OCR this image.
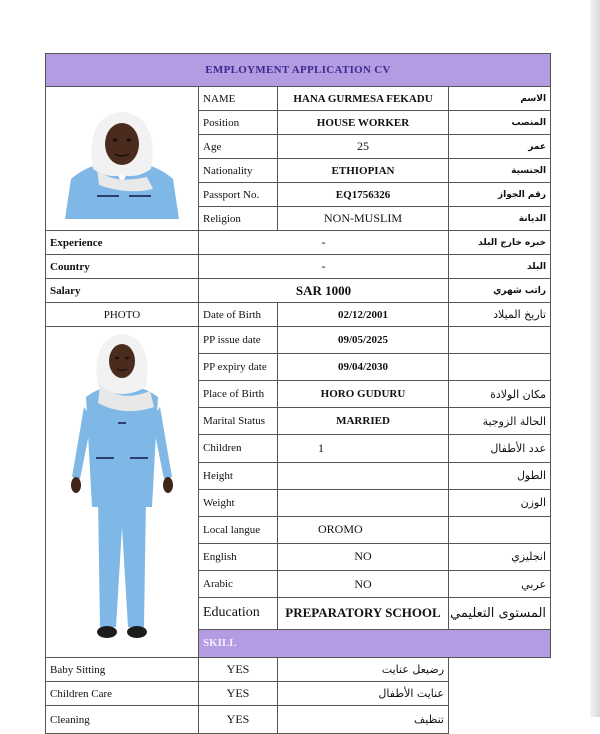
EMPLOYMENT APPLICATION CV			

	NAME	HANA GURMESA FEKADU	الاسم
	Position	HOUSE WORKER	المنصب
	Age	25	عمر
	Nationality	ETHIOPIAN	الجنسية
	Passport No.	EQ1756326	رقم الجواز
	Religion	NON-MUSLIM	الديانة
Experience	-		خبره خارج البلد
Country	-		البلد
Salary	SAR 1000		راتب شهري
PHOTO	Date of Birth	02/12/2001	تاريخ الميلاد

	PP issue date	09/05/2025	
	PP expiry date	09/04/2030	
	Place of Birth	HORO GUDURU	مكان الولادة
	Marital Status	MARRIED	الحالة الزوجية
	Children	1	عدد الأطفال
	Height		الطول
	Weight		الوزن
	Local langue	OROMO	
	English	NO	انجليزي
	Arabic	NO	عربي
	Education	PREPARATORY SCHOOL	المستوى التعليمي
	SKILL		
Baby Sitting	YES	رضيعل عنايت	
Children Care	YES	عنايت الأطفال	
Cleaning	YES	تنظيف	
